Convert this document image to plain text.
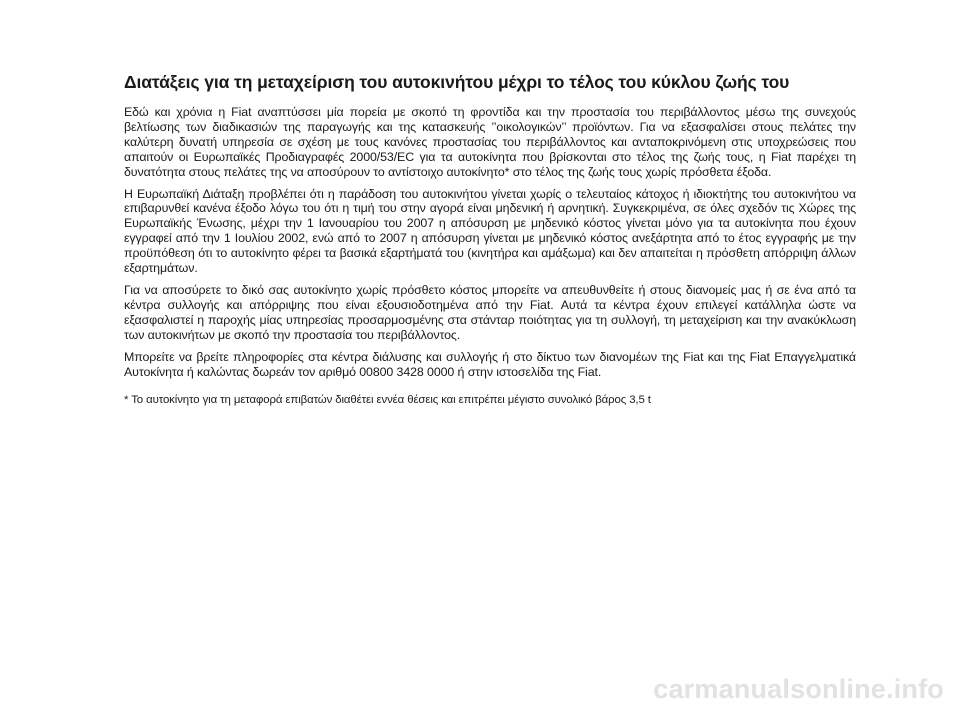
Διατάξεις για τη μεταχείριση του αυτοκινήτου μέχρι το τέλος του κύκλου ζωής του

Εδώ και χρόνια η Fiat αναπτύσσει μία πορεία με σκοπό τη φροντίδα και την προστασία του περιβάλλοντος μέσω της συνεχούς βελτίωσης των διαδικασιών της παραγωγής και της κατασκευής ’’οικολογικών’’ προϊόντων. Για να εξασφαλίσει στους πελάτες την καλύτερη δυνατή υπηρεσία σε σχέση με τους κανόνες προστασίας του περιβάλλοντος και ανταποκρινόμενη στις υποχρεώσεις που απαιτούν οι Ευρωπαϊκές Προδιαγραφές 2000/53/EC για τα αυτοκίνητα που βρίσκονται στο τέλος της ζωής τους, η Fiat παρέχει τη δυνατότητα στους πελάτες της να αποσύρουν το αντίστοιχο αυτοκίνητο* στο τέλος της ζωής τους χωρίς πρόσθετα έξοδα.

Η Ευρωπαϊκή Διάταξη προβλέπει ότι η παράδοση του αυτοκινήτου γίνεται χωρίς ο τελευταίος κάτοχος ή ιδιοκτήτης του αυτοκινήτου να επιβαρυνθεί κανένα έξοδο λόγω του ότι η τιμή του στην αγορά είναι μηδενική ή αρνητική. Συγκεκριμένα, σε όλες σχεδόν τις Χώρες της Ευρωπαϊκής Ένωσης, μέχρι την 1 Ιανουαρίου του 2007 η απόσυρση με μηδενικό κόστος γίνεται μόνο για τα αυτοκίνητα που έχουν εγγραφεί από την 1 Ιουλίου 2002, ενώ από το 2007 η απόσυρση γίνεται με μηδενικό κόστος ανεξάρτητα από το έτος εγγραφής με την προϋπόθεση ότι το αυτοκίνητο φέρει τα βασικά εξαρτήματά του (κινητήρα και αμάξωμα) και δεν απαιτείται η πρόσθετη απόρριψη άλλων εξαρτημάτων.

Για να αποσύρετε το δικό σας αυτοκίνητο χωρίς πρόσθετο κόστος μπορείτε να απευθυνθείτε ή στους διανομείς μας ή σε ένα από τα κέντρα συλλογής και απόρριψης που είναι εξουσιοδοτημένα από την Fiat. Αυτά τα κέντρα έχουν επιλεγεί κατάλληλα ώστε να εξασφαλιστεί η παροχής μίας υπηρεσίας προσαρμοσμένης στα στάνταρ ποιότητας για τη συλλογή, τη μεταχείριση και την ανακύκλωση των αυτοκινήτων με σκοπό την προστασία του περιβάλλοντος.

Μπορείτε να βρείτε πληροφορίες στα κέντρα διάλυσης και συλλογής ή στο δίκτυο των διανομέων της Fiat και της Fiat Επαγγελματικά Αυτοκίνητα ή καλώντας δωρεάν τον αριθμό 00800 3428 0000 ή στην ιστοσελίδα της Fiat.

* Το αυτοκίνητο για τη μεταφορά επιβατών διαθέτει εννέα θέσεις και επιτρέπει μέγιστο συνολικό βάρος 3,5 t

carmanualsonline.info
